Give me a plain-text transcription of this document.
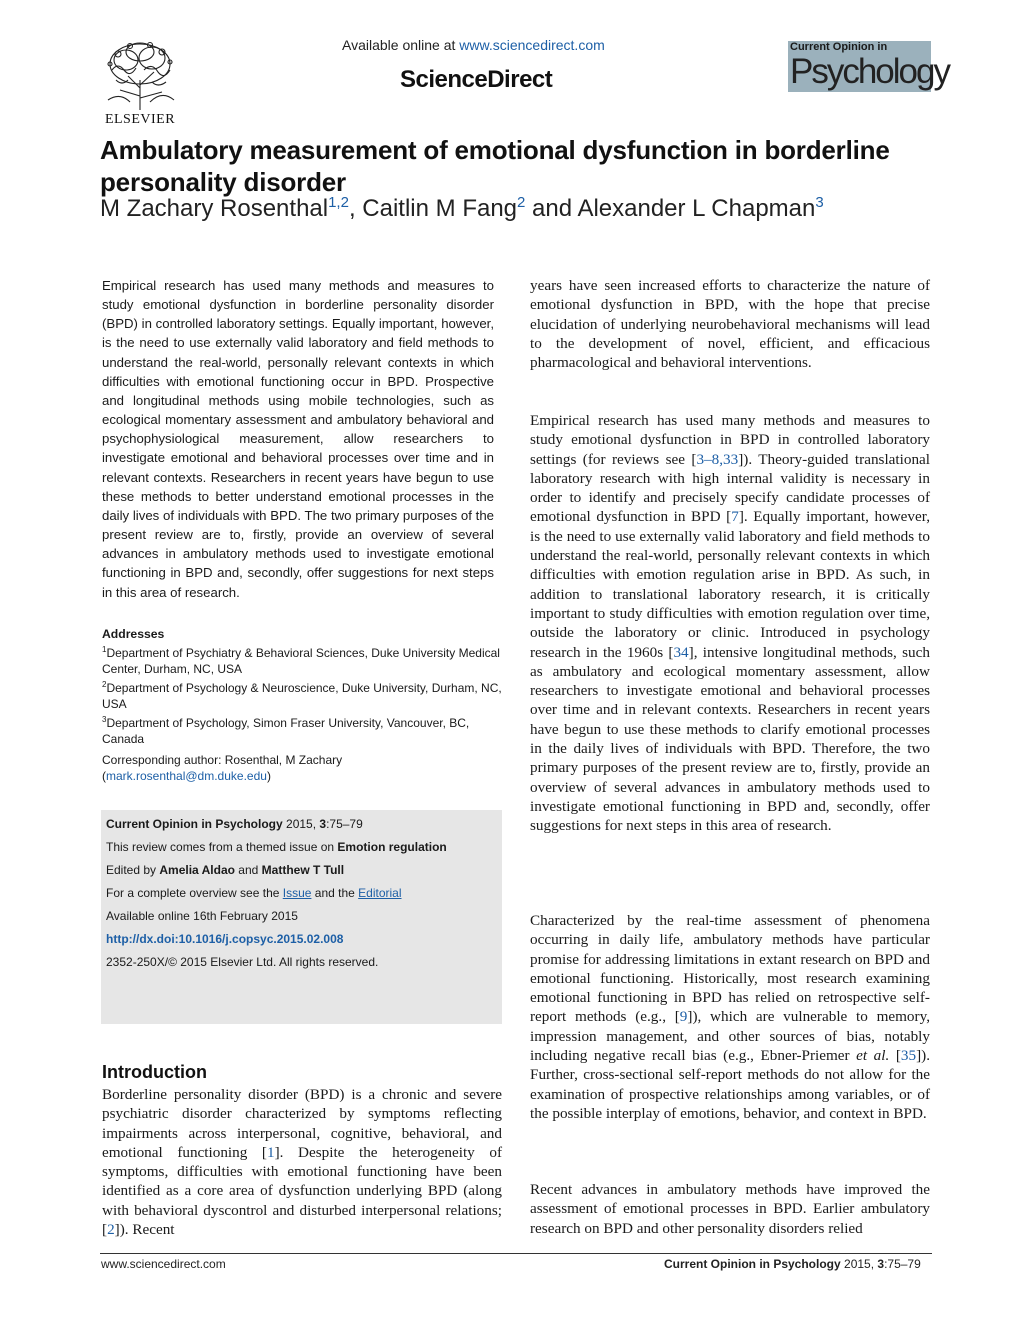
ELSEVIER
Available online at www.sciencedirect.com
ScienceDirect
Current Opinion in
Psychology
Ambulatory measurement of emotional dysfunction in borderline personality disorder
M Zachary Rosenthal$^{1,2}$, Caitlin M Fang$^2$ and Alexander L Chapman$^3$

Empirical research has used many methods and measures to study emotional dysfunction in borderline personality disorder (BPD) in controlled laboratory settings. Equally important, however, is the need to use externally valid laboratory and field methods to understand the real-world, personally relevant contexts in which difficulties with emotional functioning occur in BPD. Prospective and longitudinal methods using mobile technologies, such as ecological momentary assessment and ambulatory behavioral and psychophysiological measurement, allow researchers to investigate emotional and behavioral processes over time and in relevant contexts. Researchers in recent years have begun to use these methods to better understand emotional processes in the daily lives of individuals with BPD. The two primary purposes of the present review are to, firstly, provide an overview of several advances in ambulatory methods used to investigate emotional functioning in BPD and, secondly, offer suggestions for next steps in this area of research.

Addresses

$^1$Department of Psychiatry & Behavioral Sciences, Duke University Medical Center, Durham, NC, USA

$^2$Department of Psychology & Neuroscience, Duke University, Durham, NC, USA

$^3$Department of Psychology, Simon Fraser University, Vancouver, BC, Canada

Corresponding author: Rosenthal, M Zachary
(mark.rosenthal@dm.duke.edu)
Current Opinion in Psychology 2015, 3:75–79
This review comes from a themed issue on Emotion regulation
Edited by Amelia Aldao and Matthew T Tull
For a complete overview see the Issue and the Editorial
Available online 16th February 2015
http://dx.doi:10.1016/j.copsyc.2015.02.008
2352-250X/© 2015 Elsevier Ltd. All rights reserved.
Introduction

Borderline personality disorder (BPD) is a chronic and severe psychiatric disorder characterized by symptoms reflecting impairments across interpersonal, cognitive, behavioral, and emotional functioning [1]. Despite the heterogeneity of symptoms, difficulties with emotional functioning have been identified as a core area of dysfunction underlying BPD (along with behavioral dyscontrol and disturbed interpersonal relations; [2]). Recent

years have seen increased efforts to characterize the nature of emotional dysfunction in BPD, with the hope that precise elucidation of underlying neurobehavioral mechanisms will lead to the development of novel, efficient, and efficacious pharmacological and behavioral interventions.

Empirical research has used many methods and measures to study emotional dysfunction in BPD in controlled laboratory settings (for reviews see [3–8,33]). Theory-guided translational laboratory research with high internal validity is necessary in order to identify and precisely specify candidate processes of emotional dysfunction in BPD [7]. Equally important, however, is the need to use externally valid laboratory and field methods to understand the real-world, personally relevant contexts in which difficulties with emotion regulation arise in BPD. As such, in addition to translational laboratory research, it is critically important to study difficulties with emotion regulation over time, outside the laboratory or clinic. Introduced in psychology research in the 1960s [34], intensive longitudinal methods, such as ambulatory and ecological momentary assessment, allow researchers to investigate emotional and behavioral processes over time and in relevant contexts. Researchers in recent years have begun to use these methods to clarify emotional processes in the daily lives of individuals with BPD. Therefore, the two primary purposes of the present review are to, firstly, provide an overview of several advances in ambulatory methods used to investigate emotional functioning in BPD and, secondly, offer suggestions for next steps in this area of research.

Characterized by the real-time assessment of phenomena occurring in daily life, ambulatory methods have particular promise for addressing limitations in extant research on BPD and emotional functioning. Historically, most research examining emotional functioning in BPD has relied on retrospective self-report methods (e.g., [9]), which are vulnerable to memory, impression management, and other sources of bias, notably including negative recall bias (e.g., Ebner-Priemer et al. [35]). Further, cross-sectional self-report methods do not allow for the examination of prospective relationships among variables, or of the possible interplay of emotions, behavior, and context in BPD.

Recent advances in ambulatory methods have improved the assessment of emotional processes in BPD. Earlier ambulatory research on BPD and other personality disorders relied

www.sciencedirect.com	Current Opinion in Psychology 2015, 3:75–79
